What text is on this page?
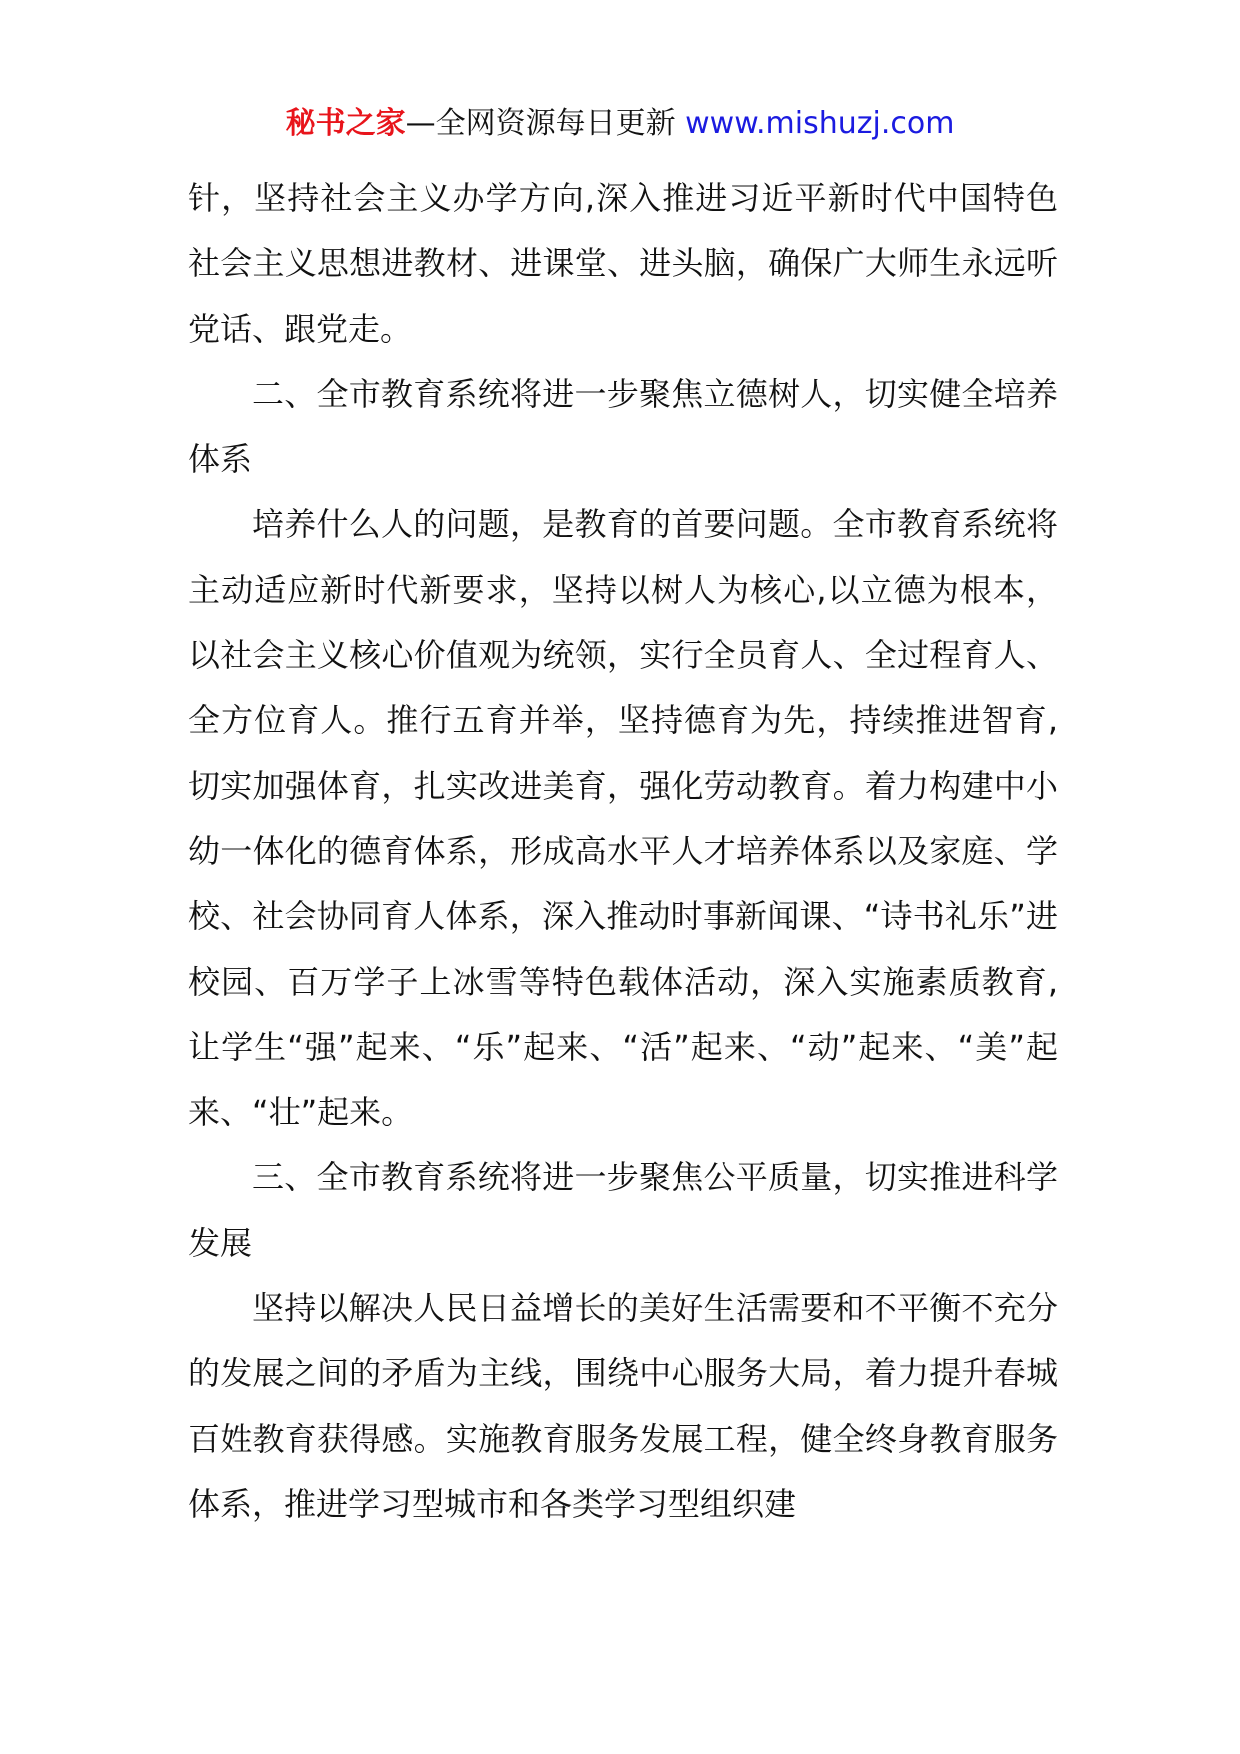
秘书之家—全网资源每日更新 www.mishuzj.com

针，坚持社会主义办学方向,深入推进习近平新时代中国特色社会主义思想进教材、进课堂、进头脑，确保广大师生永远听党话、跟党走。

二、全市教育系统将进一步聚焦立德树人，切实健全培养体系

培养什么人的问题，是教育的首要问题。全市教育系统将主动适应新时代新要求，坚持以树人为核心,以立德为根本，以社会主义核心价值观为统领，实行全员育人、全过程育人、全方位育人。推行五育并举，坚持德育为先，持续推进智育,切实加强体育，扎实改进美育，强化劳动教育。着力构建中小幼一体化的德育体系，形成高水平人才培养体系以及家庭、学校、社会协同育人体系，深入推动时事新闻课、“诗书礼乐”进校园、百万学子上冰雪等特色载体活动，深入实施素质教育,让学生“强”起来、“乐”起来、“活”起来、“动”起来、“美”起来、“壮”起来。

三、全市教育系统将进一步聚焦公平质量，切实推进科学发展

坚持以解决人民日益增长的美好生活需要和不平衡不充分的发展之间的矛盾为主线，围绕中心服务大局，着力提升春城百姓教育获得感。实施教育服务发展工程，健全终身教育服务体系，推进学习型城市和各类学习型组织建
